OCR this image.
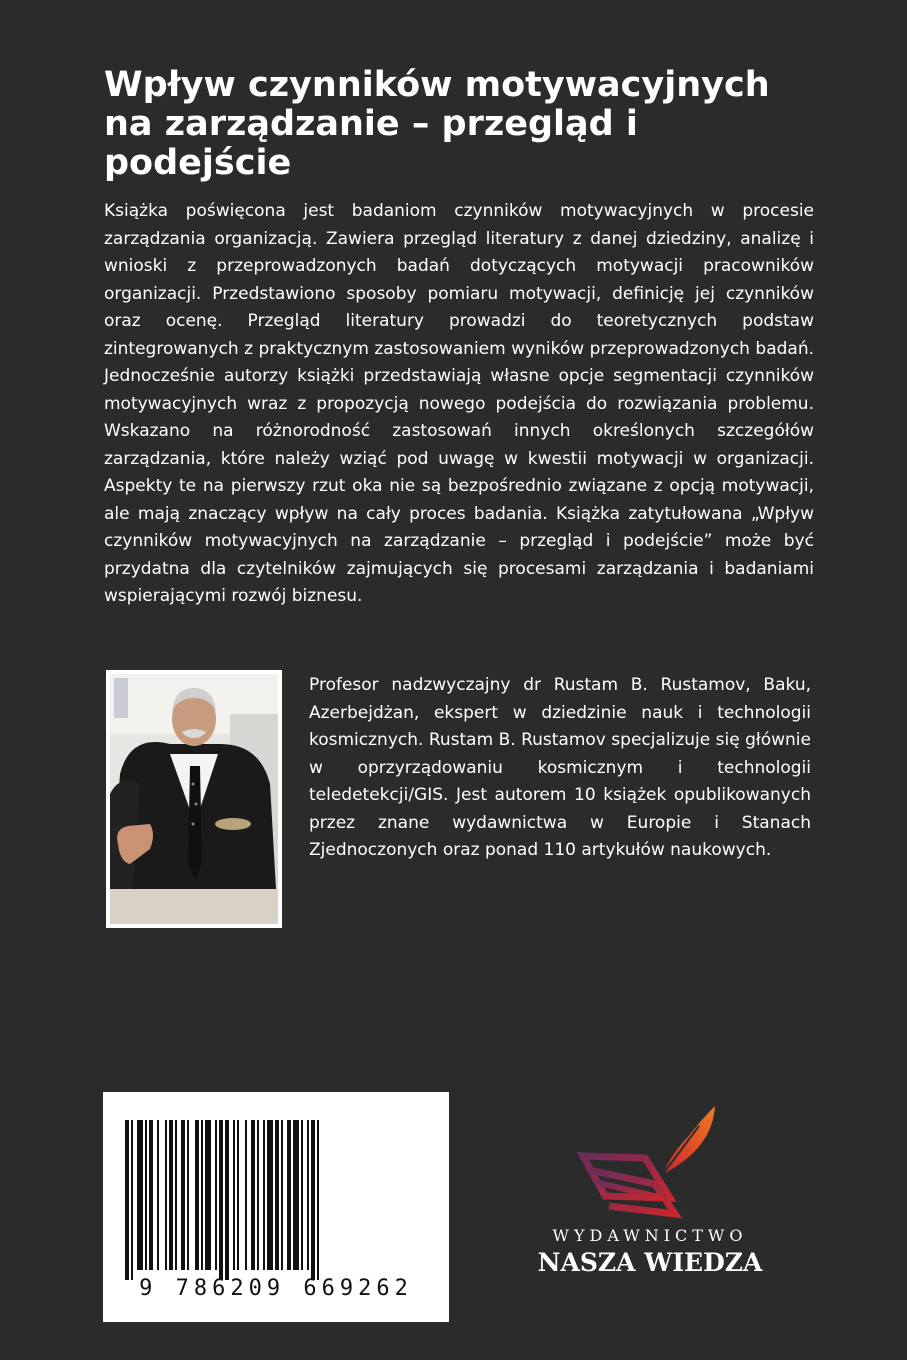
Wpływ czynników motywacyjnych na zarządzanie – przegląd i podejście

Książka poświęcona jest badaniom czynników motywacyjnych w procesie zarządzania organizacją. Zawiera przegląd literatury z danej dziedziny, analizę i wnioski z przeprowadzonych badań dotyczących motywacji pracowników organizacji. Przedstawiono sposoby pomiaru motywacji, definicję jej czynników oraz ocenę. Przegląd literatury prowadzi do teoretycznych podstaw zintegrowanych z praktycznym zastosowaniem wyników przeprowadzonych badań. Jednocześnie autorzy książki przedstawiają własne opcje segmentacji czynników motywacyjnych wraz z propozycją nowego podejścia do rozwiązania problemu. Wskazano na różnorodność zastosowań innych określonych szczegółów zarządzania, które należy wziąć pod uwagę w kwestii motywacji w organizacji. Aspekty te na pierwszy rzut oka nie są bezpośrednio związane z opcją motywacji, ale mają znaczący wpływ na cały proces badania. Książka zatytułowana „Wpływ czynników motywacyjnych na zarządzanie – przegląd i podejście” może być przydatna dla czytelników zajmujących się procesami zarządzania i badaniami wspierającymi rozwój biznesu.

Profesor nadzwyczajny dr Rustam B. Rustamov, Baku, Azerbejdżan, ekspert w dziedzinie nauk i technologii kosmicznych. Rustam B. Rustamov specjalizuje się głównie w oprzyrządowaniu kosmicznym i technologii teledetekcji/GIS. Jest autorem 10 książek opublikowanych przez znane wydawnictwa w Europie i Stanach Zjednoczonych oraz ponad 110 artykułów naukowych.

9 786209 669262
WYDAWNICTWO
NASZA WIEDZA
